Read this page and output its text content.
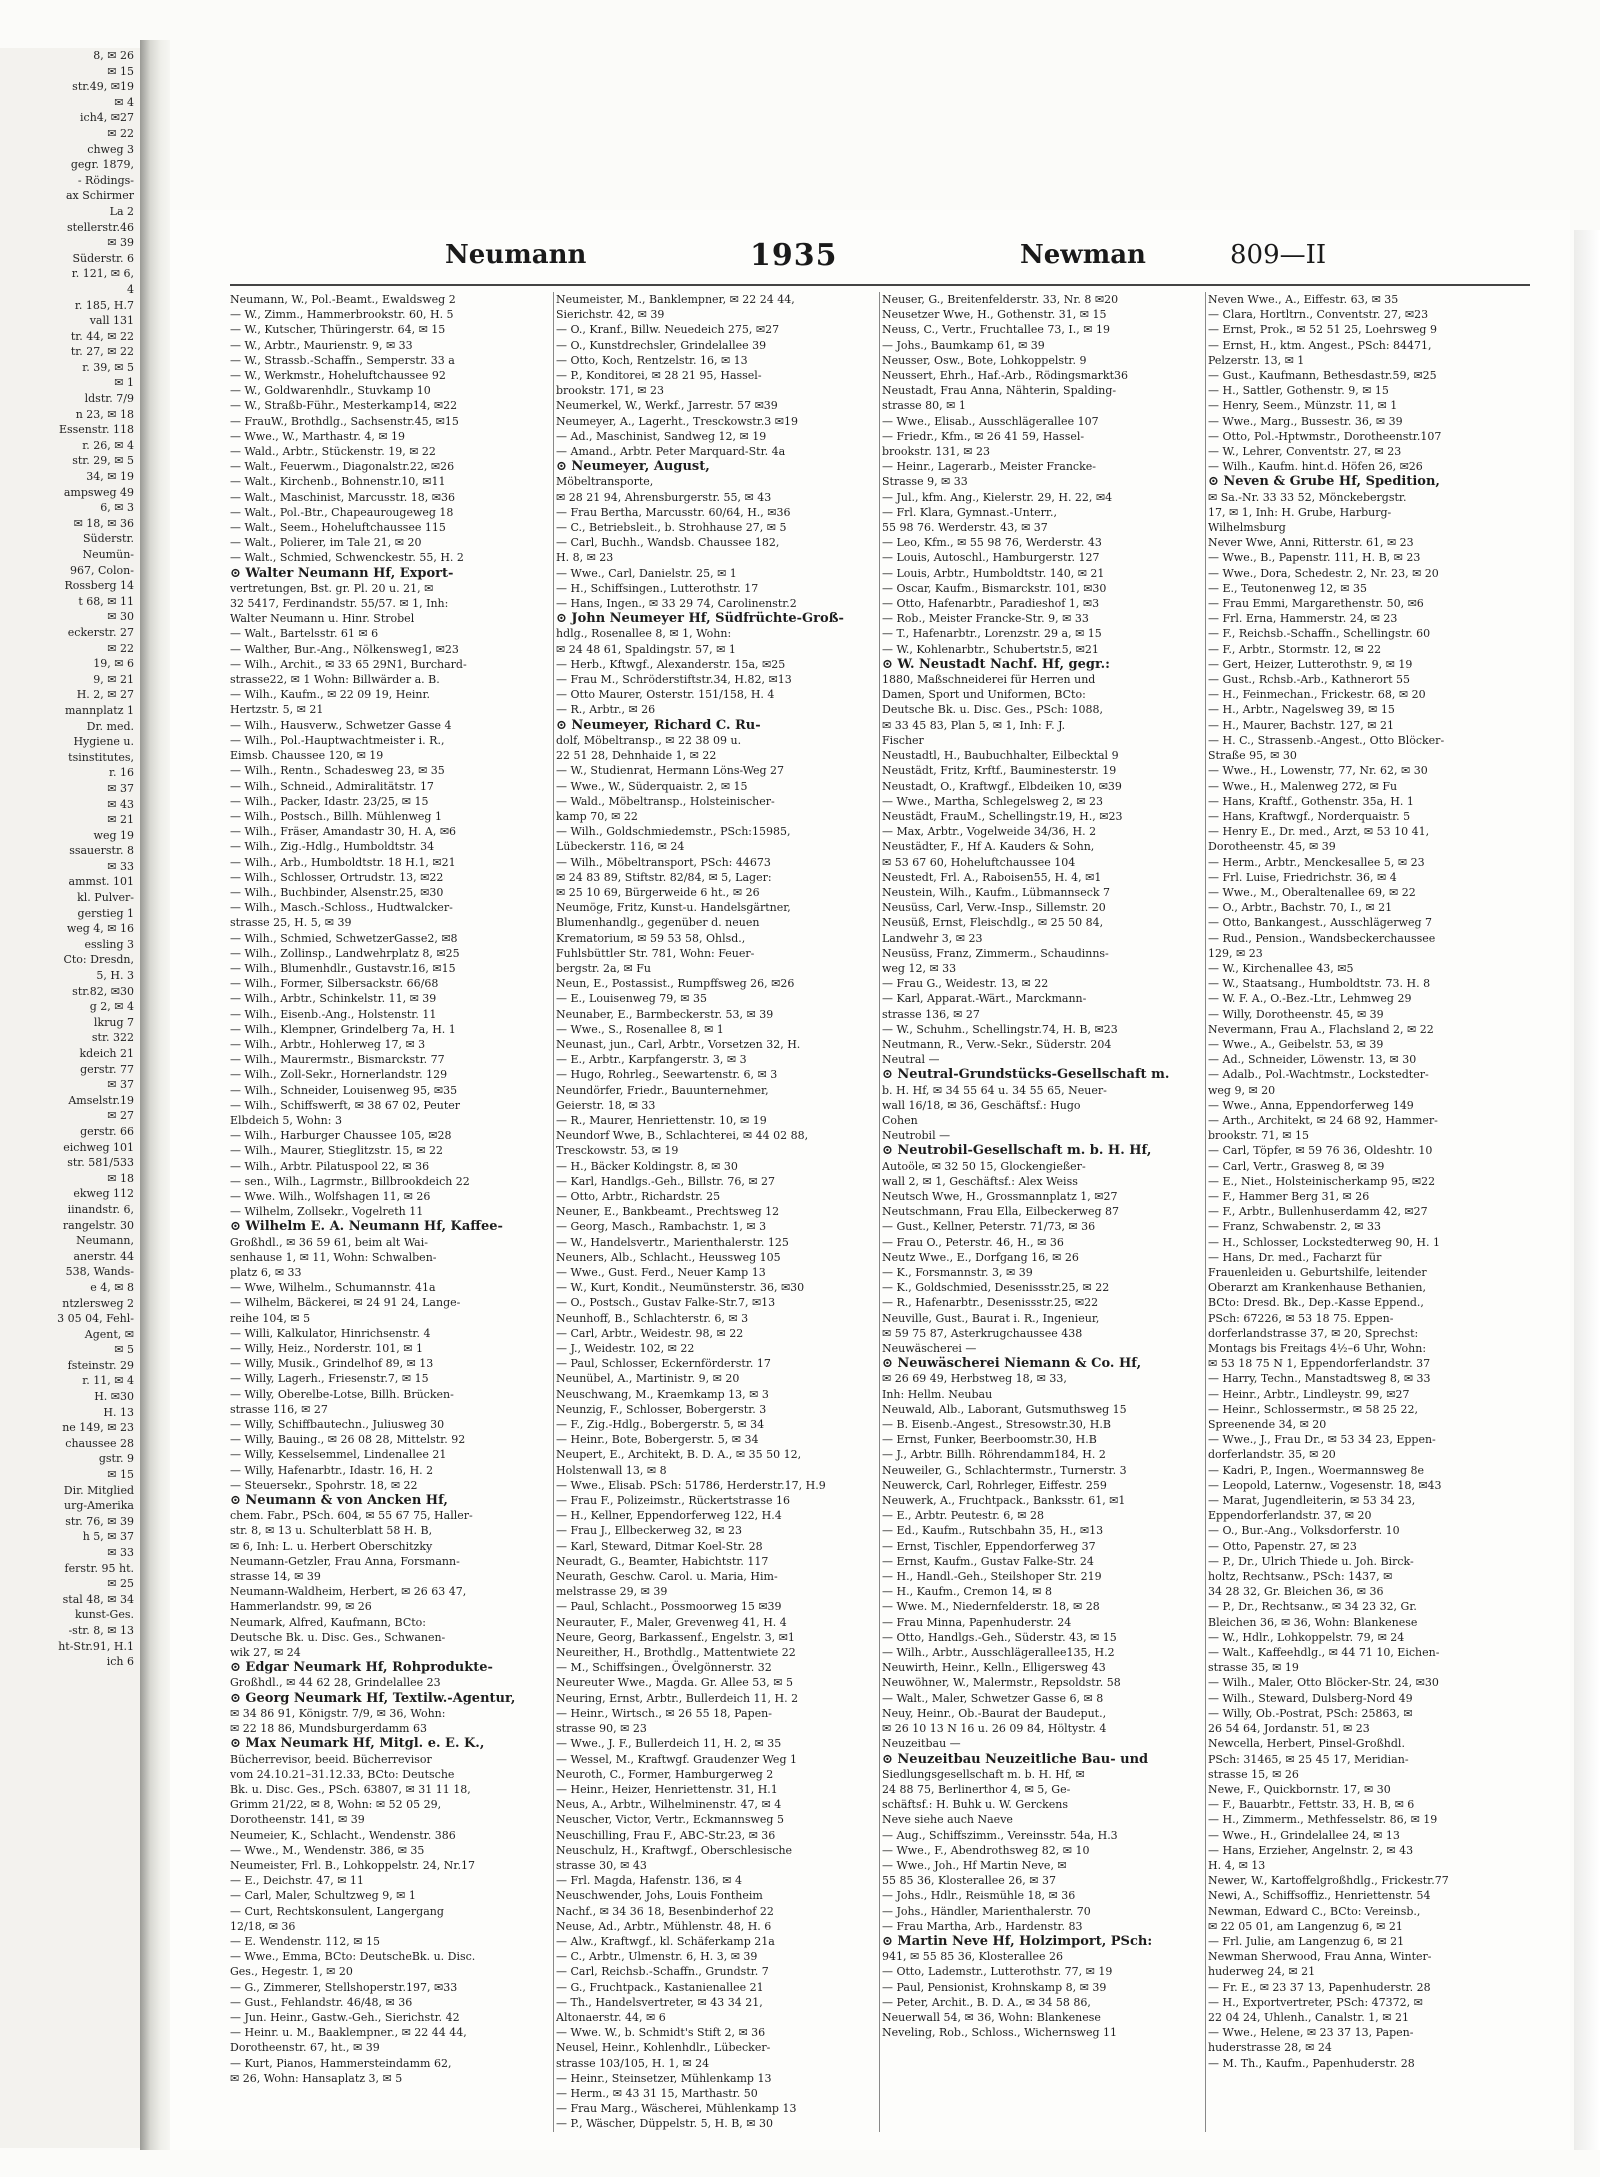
8, ✉ 26
✉ 15
str.49, ✉19
✉ 4
ich4, ✉27
✉ 22
chweg 3
gegr. 1879,
- Rödings-
ax Schirmer
La 2
stellerstr.46
✉ 39
Süderstr. 6
r. 121, ✉ 6,
4
r. 185, H.7
vall 131
tr. 44, ✉ 22
tr. 27, ✉ 22
r. 39, ✉ 5
✉ 1
ldstr. 7/9
n 23, ✉ 18
Essenstr. 118
r. 26, ✉ 4
str. 29, ✉ 5
34, ✉ 19
ampsweg 49
6, ✉ 3
✉ 18, ✉ 36
Süderstr.
Neumün-
967, Colon-
Rossberg 14
t 68, ✉ 11
✉ 30
eckerstr. 27
✉ 22
19, ✉ 6
9, ✉ 21
H. 2, ✉ 27
mannplatz 1
Dr. med.
Hygiene u.
tsinstitutes,
r. 16
✉ 37
✉ 43
✉ 21
weg 19
ssauerstr. 8
✉ 33
ammst. 101
kl. Pulver-
gerstieg 1
weg 4, ✉ 16
essling 3
Cto: Dresdn,
5, H. 3
str.82, ✉30
g 2, ✉ 4
lkrug 7
str. 322
kdeich 21
gerstr. 77
✉ 37
Amselstr.19
✉ 27
gerstr. 66
eichweg 101
str. 581/533
✉ 18
ekweg 112
iinandstr. 6,
rangelstr. 30
Neumann,
anerstr. 44
538, Wands-
e 4, ✉ 8
ntzlersweg 2
3 05 04, Fehl-
Agent, ✉
✉ 5
fsteinstr. 29
r. 11, ✉ 4
H. ✉30
H. 13
ne 149, ✉ 23
chaussee 28
gstr. 9
✉ 15
Dir. Mitglied
urg-Amerika
str. 76, ✉ 39
h 5, ✉ 37
✉ 33
ferstr. 95 ht.
✉ 25
stal 48, ✉ 34
kunst-Ges.
-str. 8, ✉ 13
ht-Str.91, H.1
ich 6
Neumann	1935	Newman	809—II
Neumann, W., Pol.-Beamt., Ewaldsweg 2
— W., Zimm., Hammerbrookstr. 60, H. 5
— W., Kutscher, Thüringerstr. 64, ✉ 15
— W., Arbtr., Maurienstr. 9, ✉ 33
— W., Strassb.-Schaffn., Semperstr. 33 a
— W., Werkmstr., Hoheluftchaussee 92
— W., Goldwarenhdlr., Stuvkamp 10
— W., Straßb-Führ., Mesterkamp14, ✉22
— FrauW., Brothdlg., Sachsenstr.45, ✉15
— Wwe., W., Marthastr. 4, ✉ 19
— Wald., Arbtr., Stückenstr. 19, ✉ 22
— Walt., Feuerwm., Diagonalstr.22, ✉26
— Walt., Kirchenb., Bohnenstr.10, ✉11
— Walt., Maschinist, Marcusstr. 18, ✉36
— Walt., Pol.-Btr., Chapeaurougeweg 18
— Walt., Seem., Hoheluftchaussee 115
— Walt., Polierer, im Tale 21, ✉ 20
— Walt., Schmied, Schwenckestr. 55, H. 2
⊙ Walter Neumann Hf, Export-
vertretungen, Bst. gr. Pl. 20 u. 21, ✉
32 5417, Ferdinandstr. 55/57. ✉ 1, Inh:
Walter Neumann u. Hinr. Strobel
— Walt., Bartelsstr. 61 ✉ 6
— Walther, Bur.-Ang., Nölkensweg1, ✉23
— Wilh., Archit., ✉ 33 65 29N1, Burchard-
strasse22, ✉ 1 Wohn: Billwärder a. B.
— Wilh., Kaufm., ✉ 22 09 19, Heinr.
Hertzstr. 5, ✉ 21
— Wilh., Hausverw., Schwetzer Gasse 4
— Wilh., Pol.-Hauptwachtmeister i. R.,
Eimsb. Chaussee 120, ✉ 19
— Wilh., Rentn., Schadesweg 23, ✉ 35
— Wilh., Schneid., Admiralitätstr. 17
— Wilh., Packer, Idastr. 23/25, ✉ 15
— Wilh., Postsch., Billh. Mühlenweg 1
— Wilh., Fräser, Amandastr 30, H. A, ✉6
— Wilh., Zig.-Hdlg., Humboldtstr. 34
— Wilh., Arb., Humboldtstr. 18 H.1, ✉21
— Wilh., Schlosser, Ortrudstr. 13, ✉22
— Wilh., Buchbinder, Alsenstr.25, ✉30
— Wilh., Masch.-Schloss., Hudtwalcker-
strasse 25, H. 5, ✉ 39
— Wilh., Schmied, SchwetzerGasse2, ✉8
— Wilh., Zollinsp., Landwehrplatz 8, ✉25
— Wilh., Blumenhdlr., Gustavstr.16, ✉15
— Wilh., Former, Silbersackstr. 66/68
— Wilh., Arbtr., Schinkelstr. 11, ✉ 39
— Wilh., Eisenb.-Ang., Holstenstr. 11
— Wilh., Klempner, Grindelberg 7a, H. 1
— Wilh., Arbtr., Hohlerweg 17, ✉ 3
— Wilh., Maurermstr., Bismarckstr. 77
— Wilh., Zoll-Sekr., Hornerlandstr. 129
— Wilh., Schneider, Louisenweg 95, ✉35
— Wilh., Schiffswerft, ✉ 38 67 02, Peuter
Elbdeich 5, Wohn: 3
— Wilh., Harburger Chaussee 105, ✉28
— Wilh., Maurer, Stieglitzstr. 15, ✉ 22
— Wilh., Arbtr. Pilatuspool 22, ✉ 36
— sen., Wilh., Lagrmstr., Billbrookdeich 22
— Wwe. Wilh., Wolfshagen 11, ✉ 26
— Wilhelm, Zollsekr., Vogelreth 11
⊙ Wilhelm E. A. Neumann Hf, Kaffee-
Großhdl., ✉ 36 59 61, beim alt Wai-
senhause 1, ✉ 11, Wohn: Schwalben-
platz 6, ✉ 33
— Wwe, Wilhelm., Schumannstr. 41a
— Wilhelm, Bäckerei, ✉ 24 91 24, Lange-
reihe 104, ✉ 5
— Willi, Kalkulator, Hinrichsenstr. 4
— Willy, Heiz., Norderstr. 101, ✉ 1
— Willy, Musik., Grindelhof 89, ✉ 13
— Willy, Lagerh., Friesenstr.7, ✉ 15
— Willy, Oberelbe-Lotse, Billh. Brücken-
strasse 116, ✉ 27
— Willy, Schiffbautechn., Juliusweg 30
— Willy, Bauing., ✉ 26 08 28, Mittelstr. 92
— Willy, Kesselsemmel, Lindenallee 21
— Willy, Hafenarbtr., Idastr. 16, H. 2
— Steuersekr., Spohrstr. 18, ✉ 22
⊙ Neumann & von Ancken Hf,
chem. Fabr., PSch. 604, ✉ 55 67 75, Haller-
str. 8, ✉ 13 u. Schulterblatt 58 H. B,
✉ 6, Inh: L. u. Herbert Oberschitzky
Neumann-Getzler, Frau Anna, Forsmann-
strasse 14, ✉ 39
Neumann-Waldheim, Herbert, ✉ 26 63 47,
Hammerlandstr. 99, ✉ 26
Neumark, Alfred, Kaufmann, BCto:
Deutsche Bk. u. Disc. Ges., Schwanen-
wik 27, ✉ 24
⊙ Edgar Neumark Hf, Rohprodukte-
Großhdl., ✉ 44 62 28, Grindelallee 23
⊙ Georg Neumark Hf, Textilw.-Agentur,
✉ 34 86 91, Königstr. 7/9, ✉ 36, Wohn:
✉ 22 18 86, Mundsburgerdamm 63
⊙ Max Neumark Hf, Mitgl. e. E. K.,
Bücherrevisor, beeid. Bücherrevisor
vom 24.10.21–31.12.33, BCto: Deutsche
Bk. u. Disc. Ges., PSch. 63807, ✉ 31 11 18,
Grimm 21/22, ✉ 8, Wohn: ✉ 52 05 29,
Dorotheenstr. 141, ✉ 39
Neumeier, K., Schlacht., Wendenstr. 386
— Wwe., M., Wendenstr. 386, ✉ 35
Neumeister, Frl. B., Lohkoppelstr. 24, Nr.17
— E., Deichstr. 47, ✉ 11
— Carl, Maler, Schultzweg 9, ✉ 1
— Curt, Rechtskonsulent, Langergang
12/18, ✉ 36
— E. Wendenstr. 112, ✉ 15
— Wwe., Emma, BCto: DeutscheBk. u. Disc.
Ges., Hegestr. 1, ✉ 20
— G., Zimmerer, Stellshoperstr.197, ✉33
— Gust., Fehlandstr. 46/48, ✉ 36
— Jun. Heinr., Gastw.-Geh., Sierichstr. 42
— Heinr. u. M., Baaklempner., ✉ 22 44 44,
Dorotheenstr. 67, ht., ✉ 39
— Kurt, Pianos, Hammersteindamm 62,
✉ 26, Wohn: Hansaplatz 3, ✉ 5
Neumeister, M., Banklempner, ✉ 22 24 44,
Sierichstr. 42, ✉ 39
— O., Kranf., Billw. Neuedeich 275, ✉27
— O., Kunstdrechsler, Grindelallee 39
— Otto, Koch, Rentzelstr. 16, ✉ 13
— P., Konditorei, ✉ 28 21 95, Hassel-
brookstr. 171, ✉ 23
Neumerkel, W., Werkf., Jarrestr. 57 ✉39
Neumeyer, A., Lagerht., Tresckowstr.3 ✉19
— Ad., Maschinist, Sandweg 12, ✉ 19
— Amand., Arbtr. Peter Marquard-Str. 4a
⊙ Neumeyer, August,
Möbeltransporte,
✉ 28 21 94, Ahrensburgerstr. 55, ✉ 43
— Frau Bertha, Marcusstr. 60/64, H., ✉36
— C., Betriebsleit., b. Strohhause 27, ✉ 5
— Carl, Buchh., Wandsb. Chaussee 182,
H. 8, ✉ 23
— Wwe., Carl, Danielstr. 25, ✉ 1
— H., Schiffsingen., Lutterothstr. 17
— Hans, Ingen., ✉ 33 29 74, Carolinenstr.2
⊙ John Neumeyer Hf, Südfrüchte-Groß-
hdlg., Rosenallee 8, ✉ 1, Wohn:
✉ 24 48 61, Spaldingstr. 57, ✉ 1
— Herb., Kftwgf., Alexanderstr. 15a, ✉25
— Frau M., Schröderstiftstr.34, H.82, ✉13
— Otto Maurer, Osterstr. 151/158, H. 4
— R., Arbtr., ✉ 26
⊙ Neumeyer, Richard C. Ru-
dolf, Möbeltransp., ✉ 22 38 09 u.
22 51 28, Dehnhaide 1, ✉ 22
— W., Studienrat, Hermann Löns-Weg 27
— Wwe., W., Süderquaistr. 2, ✉ 15
— Wald., Möbeltransp., Holsteinischer-
kamp 70, ✉ 22
— Wilh., Goldschmiedemstr., PSch:15985,
Lübeckerstr. 116, ✉ 24
— Wilh., Möbeltransport, PSch: 44673
✉ 24 83 89, Stiftstr. 82/84, ✉ 5, Lager:
✉ 25 10 69, Bürgerweide 6 ht., ✉ 26
Neumöge, Fritz, Kunst-u. Handelsgärtner,
Blumenhandlg., gegenüber d. neuen
Krematorium, ✉ 59 53 58, Ohlsd.,
Fuhlsbüttler Str. 781, Wohn: Feuer-
bergstr. 2a, ✉ Fu
Neun, E., Postassist., Rumpffsweg 26, ✉26
— E., Louisenweg 79, ✉ 35
Neunaber, E., Barmbeckerstr. 53, ✉ 39
— Wwe., S., Rosenallee 8, ✉ 1
Neunast, jun., Carl, Arbtr., Vorsetzen 32, H.
— E., Arbtr., Karpfangerstr. 3, ✉ 3
— Hugo, Rohrleg., Seewartenstr. 6, ✉ 3
Neundörfer, Friedr., Bauunternehmer,
Geierstr. 18, ✉ 33
— R., Maurer, Henriettenstr. 10, ✉ 19
Neundorf Wwe, B., Schlachterei, ✉ 44 02 88,
Tresckowstr. 53, ✉ 19
— H., Bäcker Koldingstr. 8, ✉ 30
— Karl, Handlgs.-Geh., Billstr. 76, ✉ 27
— Otto, Arbtr., Richardstr. 25
Neuner, E., Bankbeamt., Prechtsweg 12
— Georg, Masch., Rambachstr. 1, ✉ 3
— W., Handelsvertr., Marienthalerstr. 125
Neuners, Alb., Schlacht., Heussweg 105
— Wwe., Gust. Ferd., Neuer Kamp 13
— W., Kurt, Kondit., Neumünsterstr. 36, ✉30
— O., Postsch., Gustav Falke-Str.7, ✉13
Neunhoff, B., Schlachterstr. 6, ✉ 3
— Carl, Arbtr., Weidestr. 98, ✉ 22
— J., Weidestr. 102, ✉ 22
— Paul, Schlosser, Eckernförderstr. 17
Neunübel, A., Martinistr. 9, ✉ 20
Neuschwang, M., Kraemkamp 13, ✉ 3
Neunzig, F., Schlosser, Bobergerstr. 3
— F., Zig.-Hdlg., Bobergerstr. 5, ✉ 34
— Heinr., Bote, Bobergerstr. 5, ✉ 34
Neupert, E., Architekt, B. D. A., ✉ 35 50 12,
Holstenwall 13, ✉ 8
— Wwe., Elisab. PSch: 51786, Herderstr.17, H.9
— Frau F., Polizeimstr., Rückertstrasse 16
— H., Kellner, Eppendorferweg 122, H.4
— Frau J., Ellbeckerweg 32, ✉ 23
— Karl, Steward, Ditmar Koel-Str. 28
Neuradt, G., Beamter, Habichtstr. 117
Neurath, Geschw. Carol. u. Maria, Him-
melstrasse 29, ✉ 39
— Paul, Schlacht., Possmoorweg 15 ✉39
Neurauter, F., Maler, Grevenweg 41, H. 4
Neure, Georg, Barkassenf., Engelstr. 3, ✉1
Neureither, H., Brothdlg., Mattentwiete 22
— M., Schiffsingen., Övelgönnerstr. 32
Neureuter Wwe., Magda. Gr. Allee 53, ✉ 5
Neuring, Ernst, Arbtr., Bullerdeich 11, H. 2
— Heinr., Wirtsch., ✉ 26 55 18, Papen-
strasse 90, ✉ 23
— Wwe., J. F., Bullerdeich 11, H. 2, ✉ 35
— Wessel, M., Kraftwgf. Graudenzer Weg 1
Neuroth, C., Former, Hamburgerweg 2
— Heinr., Heizer, Henriettenstr. 31, H.1
Neus, A., Arbtr., Wilhelminenstr. 47, ✉ 4
Neuscher, Victor, Vertr., Eckmannsweg 5
Neuschilling, Frau F., ABC-Str.23, ✉ 36
Neuschulz, H., Kraftwgf., Oberschlesische
strasse 30, ✉ 43
— Frl. Magda, Hafenstr. 136, ✉ 4
Neuschwender, Johs, Louis Fontheim
Nachf., ✉ 34 36 18, Besenbinderhof 22
Neuse, Ad., Arbtr., Mühlenstr. 48, H. 6
— Alw., Kraftwgf., kl. Schäferkamp 21a
— C., Arbtr., Ulmenstr. 6, H. 3, ✉ 39
— Carl, Reichsb.-Schaffn., Grundstr. 7
— G., Fruchtpack., Kastanienallee 21
— Th., Handelsvertreter, ✉ 43 34 21,
Altonaerstr. 44, ✉ 6
— Wwe. W., b. Schmidt's Stift 2, ✉ 36
Neusel, Heinr., Kohlenhdlr., Lübecker-
strasse 103/105, H. 1, ✉ 24
— Heinr., Steinsetzer, Mühlenkamp 13
— Herm., ✉ 43 31 15, Marthastr. 50
— Frau Marg., Wäscherei, Mühlenkamp 13
— P., Wäscher, Düppelstr. 5, H. B, ✉ 30
Neuser, G., Breitenfelderstr. 33, Nr. 8 ✉20
Neusetzer Wwe, H., Gothenstr. 31, ✉ 15
Neuss, C., Vertr., Fruchtallee 73, I., ✉ 19
— Johs., Baumkamp 61, ✉ 39
Neusser, Osw., Bote, Lohkoppelstr. 9
Neussert, Ehrh., Haf.-Arb., Rödingsmarkt36
Neustadt, Frau Anna, Nähterin, Spalding-
strasse 80, ✉ 1
— Wwe., Elisab., Ausschlägerallee 107
— Friedr., Kfm., ✉ 26 41 59, Hassel-
brookstr. 131, ✉ 23
— Heinr., Lagerarb., Meister Francke-
Strasse 9, ✉ 33
— Jul., kfm. Ang., Kielerstr. 29, H. 22, ✉4
— Frl. Klara, Gymnast.-Unterr.,
55 98 76. Werderstr. 43, ✉ 37
— Leo, Kfm., ✉ 55 98 76, Werderstr. 43
— Louis, Autoschl., Hamburgerstr. 127
— Louis, Arbtr., Humboldtstr. 140, ✉ 21
— Oscar, Kaufm., Bismarckstr. 101, ✉30
— Otto, Hafenarbtr., Paradieshof 1, ✉3
— Rob., Meister Francke-Str. 9, ✉ 33
— T., Hafenarbtr., Lorenzstr. 29 a, ✉ 15
— W., Kohlenarbtr., Schubertstr.5, ✉21
⊙ W. Neustadt Nachf. Hf, gegr.:
1880, Maßschneiderei für Herren und
Damen, Sport und Uniformen, BCto:
Deutsche Bk. u. Disc. Ges., PSch: 1088,
✉ 33 45 83, Plan 5, ✉ 1, Inh: F. J.
Fischer
Neustadtl, H., Baubuchhalter, Eilbecktal 9
Neustädt, Fritz, Krftf., Bauminesterstr. 19
Neustadt, O., Kraftwgf., Elbdeiken 10, ✉39
— Wwe., Martha, Schlegelsweg 2, ✉ 23
Neustädt, FrauM., Schellingstr.19, H., ✉23
— Max, Arbtr., Vogelweide 34/36, H. 2
Neustädter, F., Hf A. Kauders & Sohn,
✉ 53 67 60, Hoheluftchaussee 104
Neustedt, Frl. A., Raboisen55, H. 4, ✉1
Neustein, Wilh., Kaufm., Lübmannseck 7
Neusüss, Carl, Verw.-Insp., Sillemstr. 20
Neusüß, Ernst, Fleischdlg., ✉ 25 50 84,
Landwehr 3, ✉ 23
Neusüss, Franz, Zimmerm., Schaudinns-
weg 12, ✉ 33
— Frau G., Weidestr. 13, ✉ 22
— Karl, Apparat.-Wärt., Marckmann-
strasse 136, ✉ 27
— W., Schuhm., Schellingstr.74, H. B, ✉23
Neutmann, R., Verw.-Sekr., Süderstr. 204
Neutral —
⊙ Neutral-Grundstücks-Gesellschaft m.
b. H. Hf, ✉ 34 55 64 u. 34 55 65, Neuer-
wall 16/18, ✉ 36, Geschäftsf.: Hugo
Cohen
Neutrobil —
⊙ Neutrobil-Gesellschaft m. b. H. Hf,
Autoöle, ✉ 32 50 15, Glockengießer-
wall 2, ✉ 1, Geschäftsf.: Alex Weiss
Neutsch Wwe, H., Grossmannplatz 1, ✉27
Neutschmann, Frau Ella, Eilbeckerweg 87
— Gust., Kellner, Peterstr. 71/73, ✉ 36
— Frau O., Peterstr. 46, H., ✉ 36
Neutz Wwe., E., Dorfgang 16, ✉ 26
— K., Forsmannstr. 3, ✉ 39
— K., Goldschmied, Desenissstr.25, ✉ 22
— R., Hafenarbtr., Desenissstr.25, ✉22
Neuville, Gust., Baurat i. R., Ingenieur,
✉ 59 75 87, Asterkrugchaussee 438
Neuwäscherei —
⊙ Neuwäscherei Niemann & Co. Hf,
✉ 26 69 49, Herbstweg 18, ✉ 33,
Inh: Hellm. Neubau
Neuwald, Alb., Laborant, Gutsmuthsweg 15
— B. Eisenb.-Angest., Stresowstr.30, H.B
— Ernst, Funker, Beerboomstr.30, H.B
— J., Arbtr. Billh. Röhrendamm184, H. 2
Neuweiler, G., Schlachtermstr., Turnerstr. 3
Neuwerck, Carl, Rohrleger, Eiffestr. 259
Neuwerk, A., Fruchtpack., Banksstr. 61, ✉1
— E., Arbtr. Peutestr. 6, ✉ 28
— Ed., Kaufm., Rutschbahn 35, H., ✉13
— Ernst, Tischler, Eppendorferweg 37
— Ernst, Kaufm., Gustav Falke-Str. 24
— H., Handl.-Geh., Steilshoper Str. 219
— H., Kaufm., Cremon 14, ✉ 8
— Wwe. M., Niedernfelderstr. 18, ✉ 28
— Frau Minna, Papenhuderstr. 24
— Otto, Handlgs.-Geh., Süderstr. 43, ✉ 15
— Wilh., Arbtr., Ausschlägerallee135, H.2
Neuwirth, Heinr., Kelln., Elligersweg 43
Neuwöhner, W., Malermstr., Repsoldstr. 58
— Walt., Maler, Schwetzer Gasse 6, ✉ 8
Neuy, Heinr., Ob.-Baurat der Baudeput.,
✉ 26 10 13 N 16 u. 26 09 84, Höltystr. 4
Neuzeitbau —
⊙ Neuzeitbau Neuzeitliche Bau- und
Siedlungsgesellschaft m. b. H. Hf, ✉
24 88 75, Berlinerthor 4, ✉ 5, Ge-
schäftsf.: H. Buhk u. W. Gerckens
Neve siehe auch Naeve
— Aug., Schiffszimm., Vereinsstr. 54a, H.3
— Wwe., F., Abendrothsweg 82, ✉ 10
— Wwe., Joh., Hf Martin Neve, ✉
55 85 36, Klosterallee 26, ✉ 37
— Johs., Hdlr., Reismühle 18, ✉ 36
— Johs., Händler, Marienthalerstr. 70
— Frau Martha, Arb., Hardenstr. 83
⊙ Martin Neve Hf, Holzimport, PSch:
941, ✉ 55 85 36, Klosterallee 26
— Otto, Lademstr., Lutterothstr. 77, ✉ 19
— Paul, Pensionist, Krohnskamp 8, ✉ 39
— Peter, Archit., B. D. A., ✉ 34 58 86,
Neuerwall 54, ✉ 36, Wohn: Blankenese
Neveling, Rob., Schloss., Wichernsweg 11
Neven Wwe., A., Eiffestr. 63, ✉ 35
— Clara, Hortltrn., Conventstr. 27, ✉23
— Ernst, Prok., ✉ 52 51 25, Loehrsweg 9
— Ernst, H., ktm. Angest., PSch: 84471,
Pelzerstr. 13, ✉ 1
— Gust., Kaufmann, Bethesdastr.59, ✉25
— H., Sattler, Gothenstr. 9, ✉ 15
— Henry, Seem., Münzstr. 11, ✉ 1
— Wwe., Marg., Bussestr. 36, ✉ 39
— Otto, Pol.-Hptwmstr., Dorotheenstr.107
— W., Lehrer, Conventstr. 27, ✉ 23
— Wilh., Kaufm. hint.d. Höfen 26, ✉26
⊙ Neven & Grube Hf, Spedition,
✉ Sa.-Nr. 33 33 52, Mönckebergstr.
17, ✉ 1, Inh: H. Grube, Harburg-
Wilhelmsburg
Never Wwe, Anni, Ritterstr. 61, ✉ 23
— Wwe., B., Papenstr. 111, H. B, ✉ 23
— Wwe., Dora, Schedestr. 2, Nr. 23, ✉ 20
— E., Teutonenweg 12, ✉ 35
— Frau Emmi, Margarethenstr. 50, ✉6
— Frl. Erna, Hammerstr. 24, ✉ 23
— F., Reichsb.-Schaffn., Schellingstr. 60
— F., Arbtr., Stormstr. 12, ✉ 22
— Gert, Heizer, Lutterothstr. 9, ✉ 19
— Gust., Rchsb.-Arb., Kathnerort 55
— H., Feinmechan., Frickestr. 68, ✉ 20
— H., Arbtr., Nagelsweg 39, ✉ 15
— H., Maurer, Bachstr. 127, ✉ 21
— H. C., Strassenb.-Angest., Otto Blöcker-
Straße 95, ✉ 30
— Wwe., H., Lowenstr, 77, Nr. 62, ✉ 30
— Wwe., H., Malenweg 272, ✉ Fu
— Hans, Kraftf., Gothenstr. 35a, H. 1
— Hans, Kraftwgf., Norderquaistr. 5
— Henry E., Dr. med., Arzt, ✉ 53 10 41,
Dorotheenstr. 45, ✉ 39
— Herm., Arbtr., Menckesallee 5, ✉ 23
— Frl. Luise, Friedrichstr. 36, ✉ 4
— Wwe., M., Oberaltenallee 69, ✉ 22
— O., Arbtr., Bachstr. 70, I., ✉ 21
— Otto, Bankangest., Ausschlägerweg 7
— Rud., Pension., Wandsbeckerchaussee
129, ✉ 23
— W., Kirchenallee 43, ✉5
— W., Staatsang., Humboldtstr. 73. H. 8
— W. F. A., O.-Bez.-Ltr., Lehmweg 29
— Willy, Dorotheenstr. 45, ✉ 39
Nevermann, Frau A., Flachsland 2, ✉ 22
— Wwe., A., Geibelstr. 53, ✉ 39
— Ad., Schneider, Löwenstr. 13, ✉ 30
— Adalb., Pol.-Wachtmstr., Lockstedter-
weg 9, ✉ 20
— Wwe., Anna, Eppendorferweg 149
— Arth., Architekt, ✉ 24 68 92, Hammer-
brookstr. 71, ✉ 15
— Carl, Töpfer, ✉ 59 76 36, Oldeshtr. 10
— Carl, Vertr., Grasweg 8, ✉ 39
— E., Niet., Holsteinischerkamp 95, ✉22
— F., Hammer Berg 31, ✉ 26
— F., Arbtr., Bullenhuserdamm 42, ✉27
— Franz, Schwabenstr. 2, ✉ 33
— H., Schlosser, Lockstedterweg 90, H. 1
— Hans, Dr. med., Facharzt für
Frauenleiden u. Geburtshilfe, leitender
Oberarzt am Krankenhause Bethanien,
BCto: Dresd. Bk., Dep.-Kasse Eppend.,
PSch: 67226, ✉ 53 18 75. Eppen-
dorferlandstrasse 37, ✉ 20, Sprechst:
Montags bis Freitags 4½–6 Uhr, Wohn:
✉ 53 18 75 N 1, Eppendorferlandstr. 37
— Harry, Techn., Manstadtsweg 8, ✉ 33
— Heinr., Arbtr., Lindleystr. 99, ✉27
— Heinr., Schlossermstr., ✉ 58 25 22,
Spreenende 34, ✉ 20
— Wwe., J., Frau Dr., ✉ 53 34 23, Eppen-
dorferlandstr. 35, ✉ 20
— Kadri, P., Ingen., Woermannsweg 8e
— Leopold, Laternw., Vogesenstr. 18, ✉43
— Marat, Jugendleiterin, ✉ 53 34 23,
Eppendorferlandstr. 37, ✉ 20
— O., Bur.-Ang., Volksdorferstr. 10
— Otto, Papenstr. 27, ✉ 23
— P., Dr., Ulrich Thiede u. Joh. Birck-
holtz, Rechtsanw., PSch: 1437, ✉
34 28 32, Gr. Bleichen 36, ✉ 36
— P., Dr., Rechtsanw., ✉ 34 23 32, Gr.
Bleichen 36, ✉ 36, Wohn: Blankenese
— W., Hdlr., Lohkoppelstr. 79, ✉ 24
— Walt., Kaffeehdlg., ✉ 44 71 10, Eichen-
strasse 35, ✉ 19
— Wilh., Maler, Otto Blöcker-Str. 24, ✉30
— Wilh., Steward, Dulsberg-Nord 49
— Willy, Ob.-Postrat, PSch: 25863, ✉
26 54 64, Jordanstr. 51, ✉ 23
Newcella, Herbert, Pinsel-Großhdl.
PSch: 31465, ✉ 25 45 17, Meridian-
strasse 15, ✉ 26
Newe, F., Quickbornstr. 17, ✉ 30
— F., Bauarbtr., Fettstr. 33, H. B, ✉ 6
— H., Zimmerm., Methfesselstr. 86, ✉ 19
— Wwe., H., Grindelallee 24, ✉ 13
— Hans, Erzieher, Angelnstr. 2, ✉ 43
H. 4, ✉ 13
Newer, W., Kartoffelgroßhdlg., Frickestr.77
Newi, A., Schiffsoffiz., Henriettenstr. 54
Newman, Edward C., BCto: Vereinsb.,
✉ 22 05 01, am Langenzug 6, ✉ 21
— Frl. Julie, am Langenzug 6, ✉ 21
Newman Sherwood, Frau Anna, Winter-
huderweg 24, ✉ 21
— Fr. E., ✉ 23 37 13, Papenhuderstr. 28
— H., Exportvertreter, PSch: 47372, ✉
22 04 24, Uhlenh., Canalstr. 1, ✉ 21
— Wwe., Helene, ✉ 23 37 13, Papen-
huderstrasse 28, ✉ 24
— M. Th., Kaufm., Papenhuderstr. 28
